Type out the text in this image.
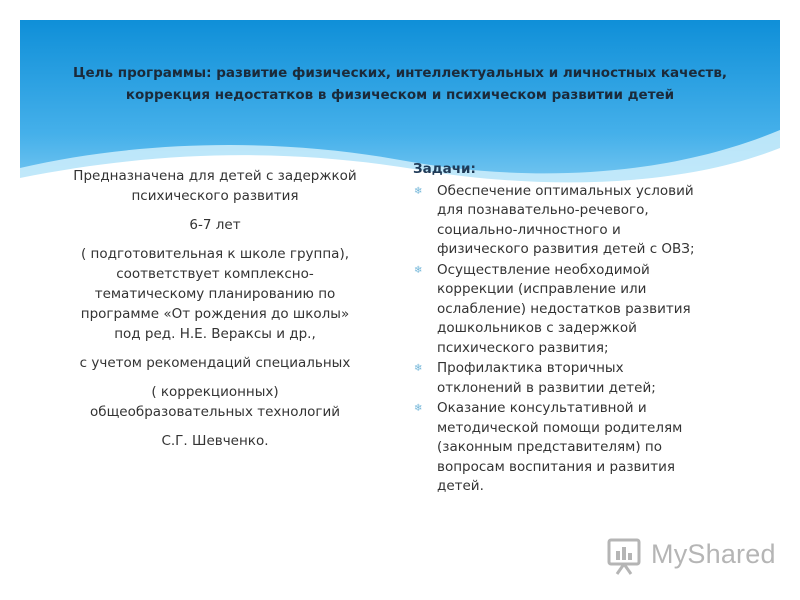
Цель программы: развитие физических, интеллектуальных и личностных качеств,
коррекция недостатков в физическом и психическом развитии детей

Предназначена для детей с задержкой

психического развития

6-7 лет

( подготовительная к школе группа),

соответствует комплексно-

тематическому планированию по

программе «От рождения до школы»

под ред. Н.Е. Вераксы и др.,

с учетом рекомендаций специальных

( коррекционных)

общеобразовательных технологий

С.Г. Шевченко.

Задачи:
❄ Обеспечение оптимальных условий
для познавательно-речевого,
социально-личностного и
физического развития детей с ОВЗ;
❄ Осуществление необходимой
коррекции (исправление или
ослабление) недостатков развития
дошкольников с задержкой
психического развития;
❄ Профилактика вторичных
отклонений в развитии детей;
❄ Оказание консультативной и
методической помощи родителям
(законным представителям) по
вопросам воспитания и развития
детей.
MyShared
